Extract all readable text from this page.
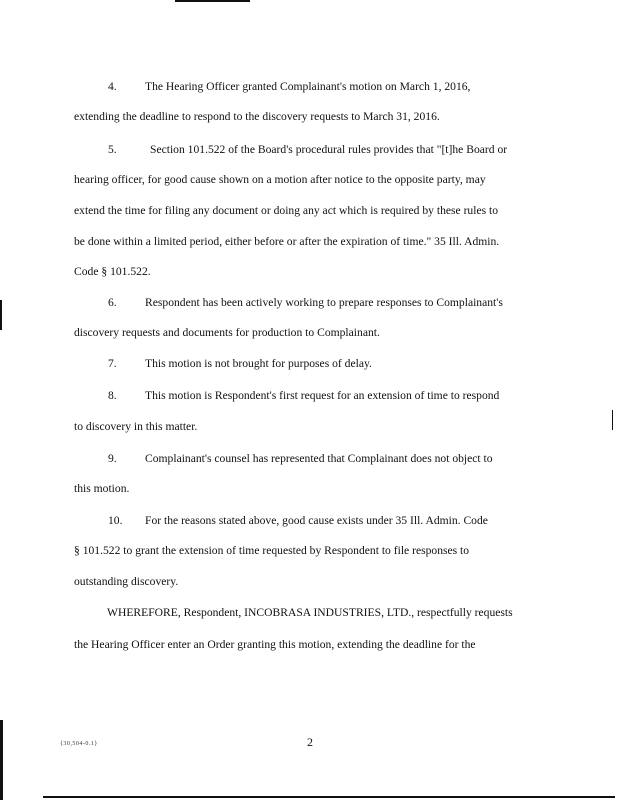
4. The Hearing Officer granted Complainant's motion on March 1, 2016,
extending the deadline to respond to the discovery requests to March 31, 2016.
5.	Section 101.522 of the Board's procedural rules provides that "[t]he Board or
hearing officer, for good cause shown on a motion after notice to the opposite party, may
extend the time for filing any document or doing any act which is required by these rules to
be done within a limited period, either before or after the expiration of time." 35 Ill. Admin.
Code § 101.522.
6. Respondent has been actively working to prepare responses to Complainant's
discovery requests and documents for production to Complainant.
7. This motion is not brought for purposes of delay.
8. This motion is Respondent's first request for an extension of time to respond
to discovery in this matter.
9. Complainant's counsel has represented that Complainant does not object to
this motion.
10. For the reasons stated above, good cause exists under 35 Ill. Admin. Code
§ 101.522 to grant the extension of time requested by Respondent to file responses to
outstanding discovery.
WHEREFORE, Respondent, INCOBRASA INDUSTRIES, LTD., respectfully requests
the Hearing Officer enter an Order granting this motion, extending the deadline for the
{30,504-0.1}	2
